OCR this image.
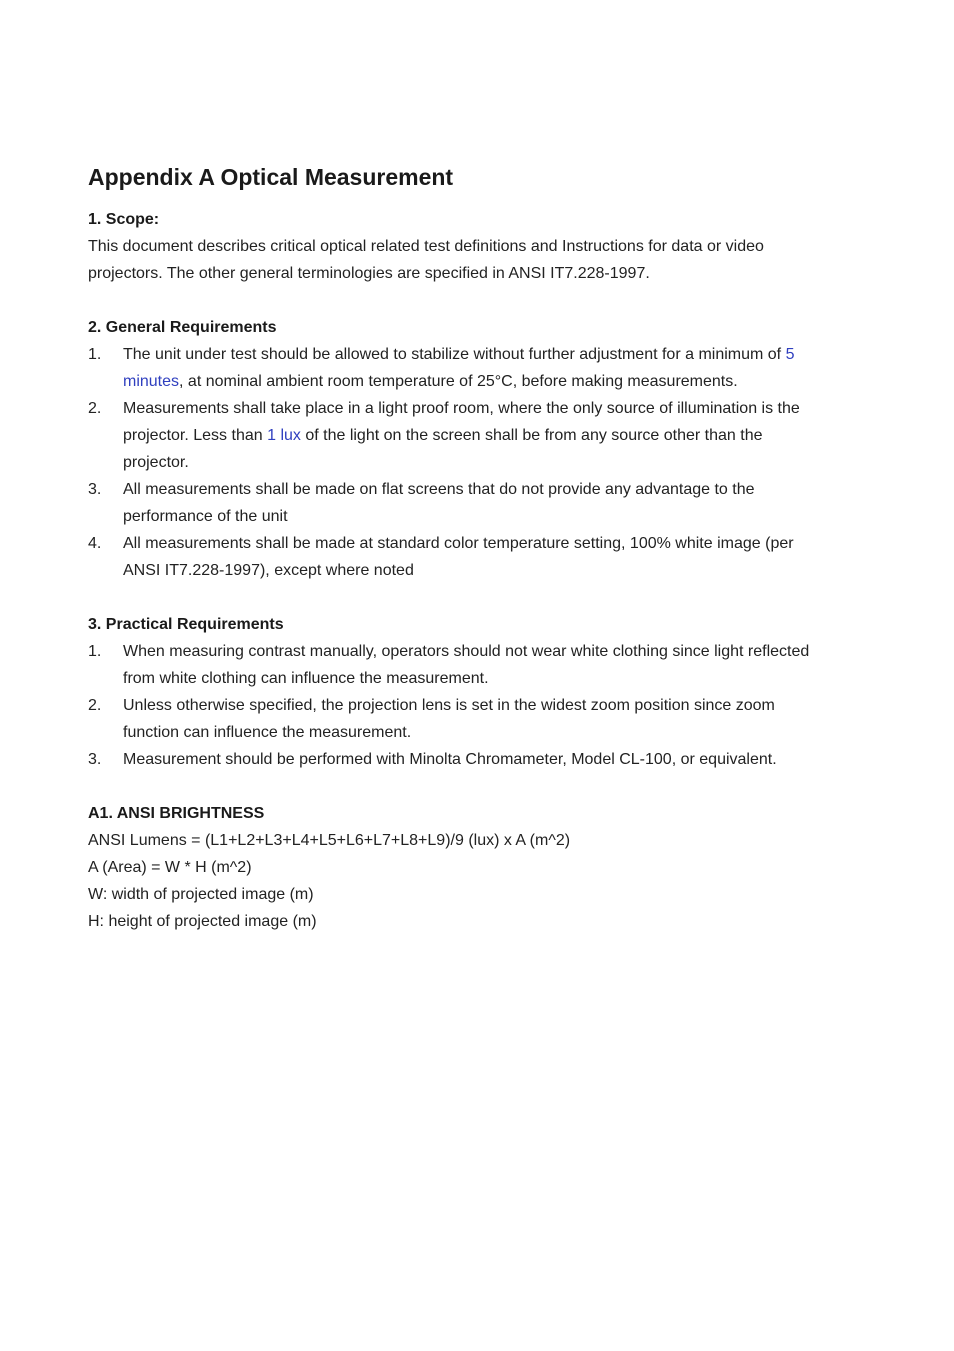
Appendix A Optical Measurement
1. Scope:

This document describes critical optical related test definitions and Instructions for data or video projectors. The other general terminologies are specified in ANSI IT7.228-1997.

2. General Requirements
1. The unit under test should be allowed to stabilize without further adjustment for a minimum of 5 minutes, at nominal ambient room temperature of 25°C, before making measurements.
2. Measurements shall take place in a light proof room, where the only source of illumination is the projector. Less than 1 lux of the light on the screen shall be from any source other than the projector.
3. All measurements shall be made on flat screens that do not provide any advantage to the performance of the unit
4. All measurements shall be made at standard color temperature setting, 100% white image (per ANSI IT7.228-1997), except where noted
3. Practical Requirements
1. When measuring contrast manually, operators should not wear white clothing since light reflected from white clothing can influence the measurement.
2. Unless otherwise specified, the projection lens is set in the widest zoom position since zoom function can influence the measurement.
3. Measurement should be performed with Minolta Chromameter, Model CL-100, or equivalent.
A1. ANSI BRIGHTNESS

ANSI Lumens = (L1+L2+L3+L4+L5+L6+L7+L8+L9)/9 (lux) x A (m^2)

A (Area) = W * H (m^2)

W: width of projected image (m)

H: height of projected image (m)
